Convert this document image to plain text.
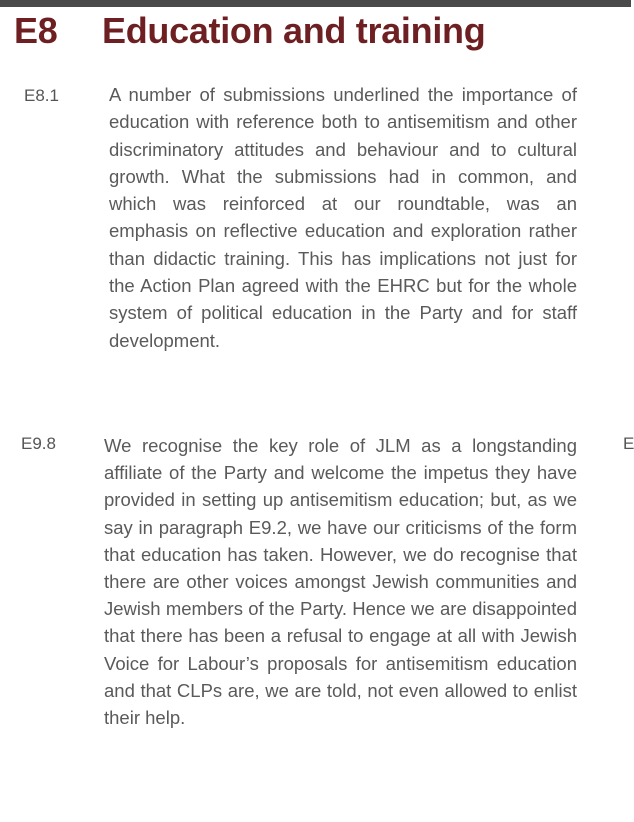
E8 Education and training
E8.1	A number of submissions underlined the importance of education with reference both to antisemitism and other discriminatory attitudes and behaviour and to cultural growth. What the submissions had in common, and which was reinforced at our roundtable, was an emphasis on reflective education and exploration rather than didactic training. This has implications not just for the Action Plan agreed with the EHRC but for the whole system of political education in the Party and for staff development.

E9.8	We recognise the key role of JLM as a longstanding affiliate of the Party and welcome the impetus they have provided in setting up antisemitism education; but, as we say in paragraph E9.2, we have our criticisms of the form that education has taken. However, we do recognise that there are other voices amongst Jewish communities and Jewish members of the Party. Hence we are disappointed that there has been a refusal to engage at all with Jewish Voice for Labour’s proposals for antisemitism education and that CLPs are, we are told, not even allowed to enlist their help.

E
